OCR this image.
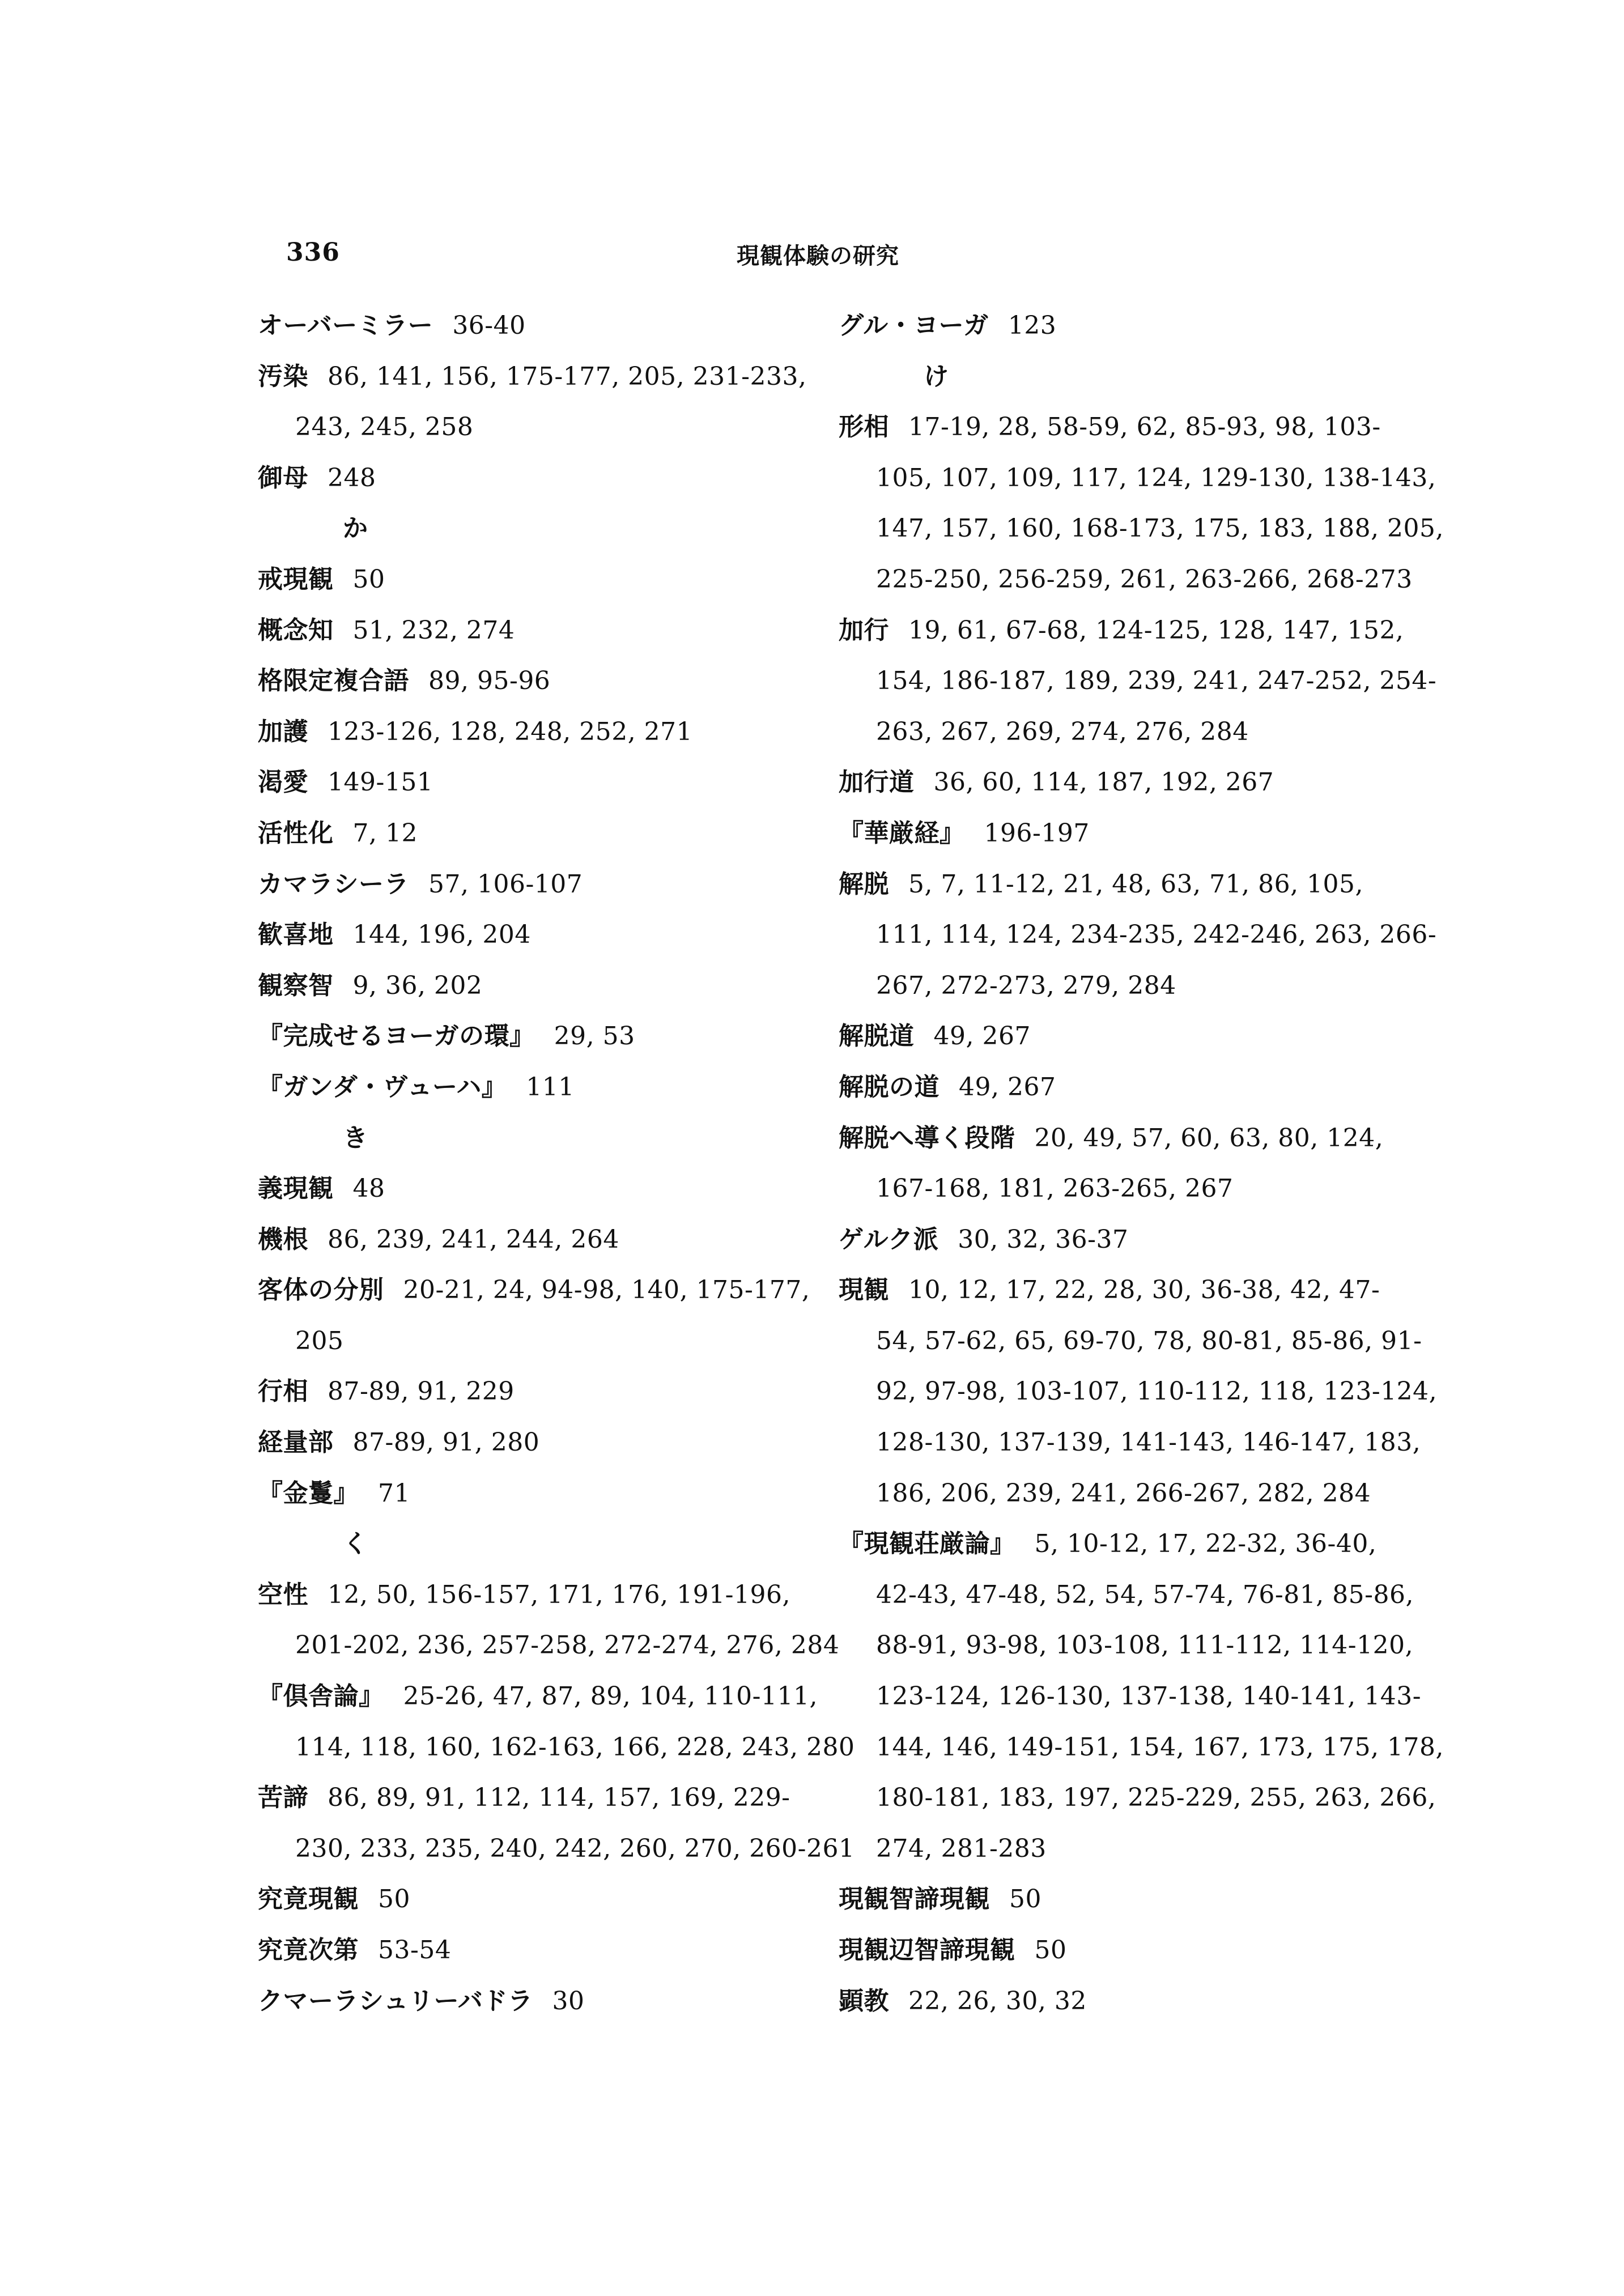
336	現観体験の研究
オーバーミラー 36-40
汚染 86, 141, 156, 175-177, 205, 231-233,
243, 245, 258
御母 248
か
戒現観 50
概念知 51, 232, 274
格限定複合語 89, 95-96
加護 123-126, 128, 248, 252, 271
渇愛 149-151
活性化 7, 12
カマラシーラ 57, 106-107
歓喜地 144, 196, 204
観察智 9, 36, 202
『完成せるヨーガの環』 29, 53
『ガンダ・ヴューハ』 111
き
義現観 48
機根 86, 239, 241, 244, 264
客体の分別 20-21, 24, 94-98, 140, 175-177,
205
行相 87-89, 91, 229
経量部 87-89, 91, 280
『金鬘』 71
く
空性 12, 50, 156-157, 171, 176, 191-196,
201-202, 236, 257-258, 272-274, 276, 284
『倶舎論』 25-26, 47, 87, 89, 104, 110-111,
114, 118, 160, 162-163, 166, 228, 243, 280
苦諦 86, 89, 91, 112, 114, 157, 169, 229-
230, 233, 235, 240, 242, 260, 270, 260-261
究竟現観 50
究竟次第 53-54
クマーラシュリーバドラ 30
グル・ヨーガ 123
け
形相 17-19, 28, 58-59, 62, 85-93, 98, 103-
105, 107, 109, 117, 124, 129-130, 138-143,
147, 157, 160, 168-173, 175, 183, 188, 205,
225-250, 256-259, 261, 263-266, 268-273
加行 19, 61, 67-68, 124-125, 128, 147, 152,
154, 186-187, 189, 239, 241, 247-252, 254-
263, 267, 269, 274, 276, 284
加行道 36, 60, 114, 187, 192, 267
『華厳経』 196-197
解脱 5, 7, 11-12, 21, 48, 63, 71, 86, 105,
111, 114, 124, 234-235, 242-246, 263, 266-
267, 272-273, 279, 284
解脱道 49, 267
解脱の道 49, 267
解脱へ導く段階 20, 49, 57, 60, 63, 80, 124,
167-168, 181, 263-265, 267
ゲルク派 30, 32, 36-37
現観 10, 12, 17, 22, 28, 30, 36-38, 42, 47-
54, 57-62, 65, 69-70, 78, 80-81, 85-86, 91-
92, 97-98, 103-107, 110-112, 118, 123-124,
128-130, 137-139, 141-143, 146-147, 183,
186, 206, 239, 241, 266-267, 282, 284
『現観荘厳論』 5, 10-12, 17, 22-32, 36-40,
42-43, 47-48, 52, 54, 57-74, 76-81, 85-86,
88-91, 93-98, 103-108, 111-112, 114-120,
123-124, 126-130, 137-138, 140-141, 143-
144, 146, 149-151, 154, 167, 173, 175, 178,
180-181, 183, 197, 225-229, 255, 263, 266,
274, 281-283
現観智諦現観 50
現観辺智諦現観 50
顕教 22, 26, 30, 32
